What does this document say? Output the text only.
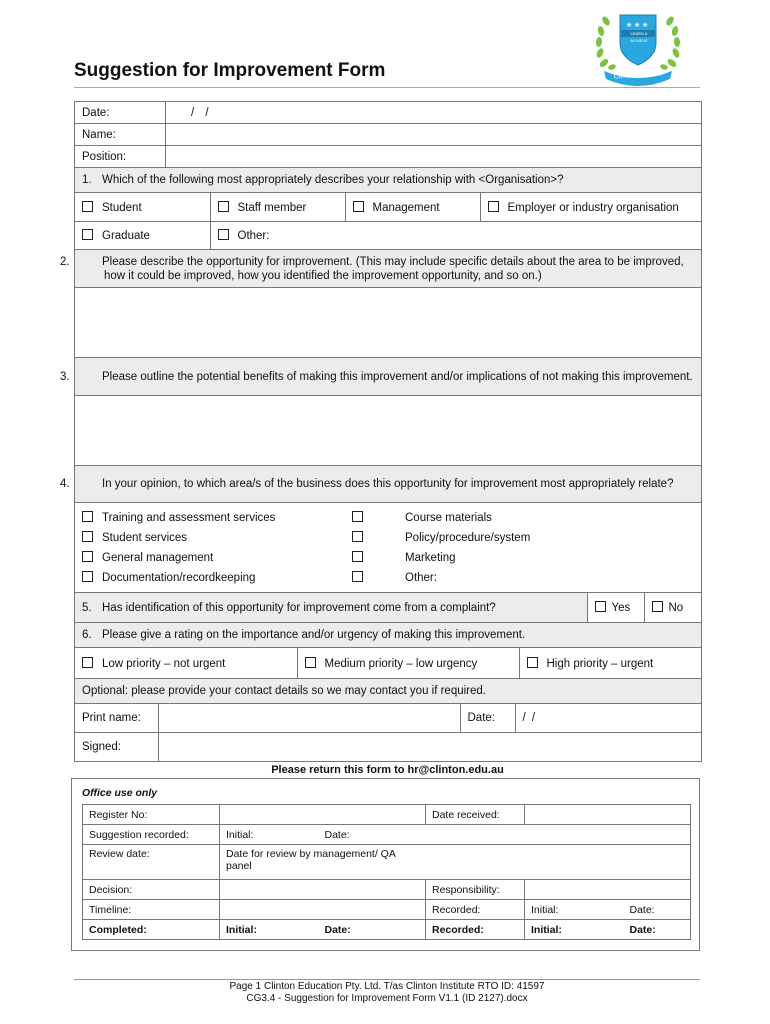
Suggestion for Improvement Form
★ ★ ★
LEARN & ACHIEVE
Clinton Institute
Date:	/ /
Name:	
Position:	
1. Which of the following most appropriately describes your relationship with <Organisation>?

Student	Staff member	Management	Employer or industry organisation

Graduate	Other:

2.	Please describe the opportunity for improvement. (This may include specific details about the area to be improved, how it could be improved, how you identified the improvement opportunity, and so on.)

3.	Please outline the potential benefits of making this improvement and/or implications of not making this improvement.

4.	In your opinion, to which area/s of the business does this opportunity for improvement most appropriately relate?

Training and assessment services
Student services
General management
Documentation/recordkeeping
Course materials
Policy/procedure/system
Marketing
Other:

5. Has identification of this opportunity for improvement come from a complaint?	Yes	No

6. Please give a rating on the importance and/or urgency of making this improvement.

Low priority – not urgent	Medium priority – low urgency	High priority – urgent

Optional: please provide your contact details so we may contact you if required.

Print name:		Date:	/ /

Signed:	
Please return this form to hr@clinton.edu.au
Office use only
Register No:			Date received:		
Suggestion recorded:	Initial:	Date:			
Review date:	Date for review by management/ QA panel				

Decision:			Responsibility:		
Timeline:			Recorded:	Initial:	Date:
Completed:	Initial:	Date:	Recorded:	Initial:	Date:
Page 1 Clinton Education Pty. Ltd. T/as Clinton Institute RTO ID: 41597
CG3.4 - Suggestion for Improvement Form V1.1 (ID 2127).docx
